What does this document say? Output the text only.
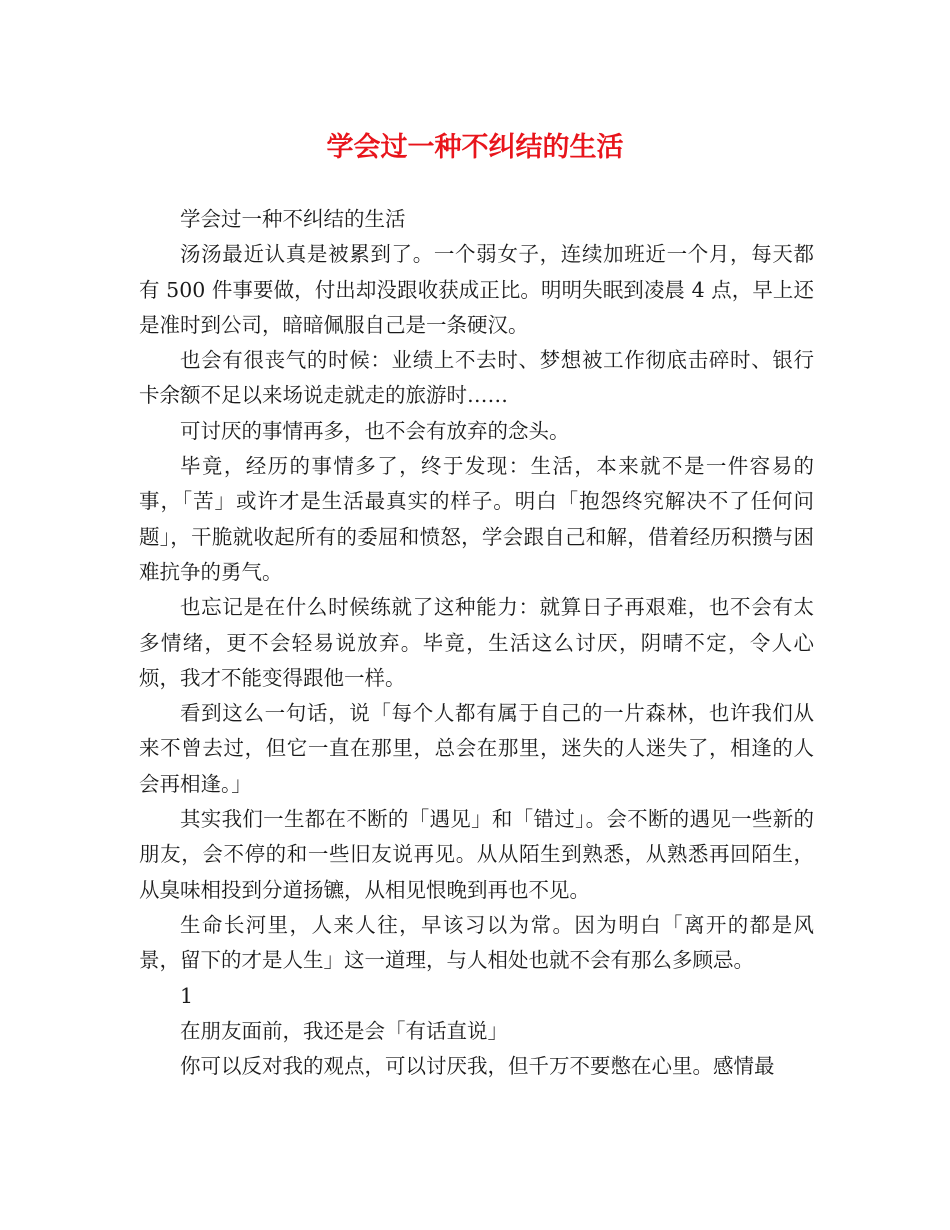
学会过一种不纠结的生活

学会过一种不纠结的生活

汤汤最近认真是被累到了。一个弱女子，连续加班近一个月，每天都有 500 件事要做，付出却没跟收获成正比。明明失眠到凌晨 4 点，早上还是准时到公司，暗暗佩服自己是一条硬汉。

也会有很丧气的时候：业绩上不去时、梦想被工作彻底击碎时、银行卡余额不足以来场说走就走的旅游时……

可讨厌的事情再多，也不会有放弃的念头。

毕竟，经历的事情多了，终于发现：生活，本来就不是一件容易的事，「苦」或许才是生活最真实的样子。明白「抱怨终究解决不了任何问题」，干脆就收起所有的委屈和愤怒，学会跟自己和解，借着经历积攒与困难抗争的勇气。

也忘记是在什么时候练就了这种能力：就算日子再艰难，也不会有太多情绪，更不会轻易说放弃。毕竟，生活这么讨厌，阴晴不定，令人心烦，我才不能变得跟他一样。

看到这么一句话，说「每个人都有属于自己的一片森林，也许我们从来不曾去过，但它一直在那里，总会在那里，迷失的人迷失了，相逢的人会再相逢。」

其实我们一生都在不断的「遇见」和「错过」。会不断的遇见一些新的朋友，会不停的和一些旧友说再见。从从陌生到熟悉，从熟悉再回陌生，从臭味相投到分道扬镳，从相见恨晚到再也不见。

生命长河里，人来人往，早该习以为常。因为明白「离开的都是风景，留下的才是人生」这一道理，与人相处也就不会有那么多顾忌。

1

在朋友面前，我还是会「有话直说」

你可以反对我的观点，可以讨厌我，但千万不要憋在心里。感情最
